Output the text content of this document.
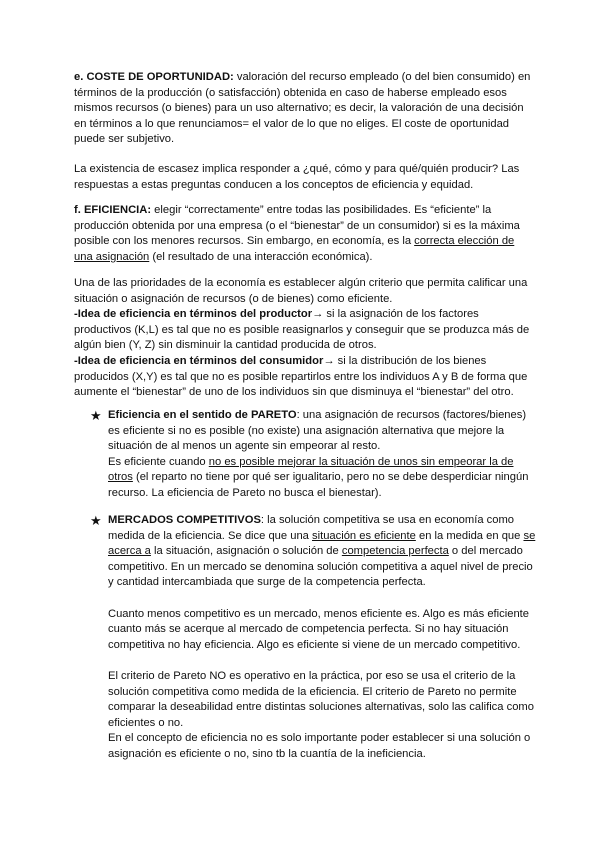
e. COSTE DE OPORTUNIDAD: valoración del recurso empleado (o del bien consumido) en términos de la producción (o satisfacción) obtenida en caso de haberse empleado esos mismos recursos (o bienes) para un uso alternativo; es decir, la valoración de una decisión en términos a lo que renunciamos= el valor de lo que no eliges. El coste de oportunidad puede ser subjetivo.

La existencia de escasez implica responder a ¿qué, cómo y para qué/quién producir? Las respuestas a estas preguntas conducen a los conceptos de eficiencia y equidad.

f. EFICIENCIA: elegir “correctamente” entre todas las posibilidades. Es “eficiente” la producción obtenida por una empresa (o el “bienestar” de un consumidor) si es la máxima posible con los menores recursos. Sin embargo, en economía, es la correcta elección de una asignación (el resultado de una interacción económica).

Una de las prioridades de la economía es establecer algún criterio que permita calificar una situación o asignación de recursos (o de bienes) como eficiente.
-Idea de eficiencia en términos del productor→ si la asignación de los factores productivos (K,L) es tal que no es posible reasignarlos y conseguir que se produzca más de algún bien (Y, Z) sin disminuir la cantidad producida de otros.
-Idea de eficiencia en términos del consumidor→ si la distribución de los bienes producidos (X,Y) es tal que no es posible repartirlos entre los individuos A y B de forma que aumente el “bienestar” de uno de los individuos sin que disminuya el “bienestar” del otro.
★ Eficiencia en el sentido de PARETO: una asignación de recursos (factores/bienes) es eficiente si no es posible (no existe) una asignación alternativa que mejore la situación de al menos un agente sin empeorar al resto.
Es eficiente cuando no es posible mejorar la situación de unos sin empeorar la de otros (el reparto no tiene por qué ser igualitario, pero no se debe desperdiciar ningún recurso. La eficiencia de Pareto no busca el bienestar).
★ MERCADOS COMPETITIVOS: la solución competitiva se usa en economía como medida de la eficiencia. Se dice que una situación es eficiente en la medida en que se acerca a la situación, asignación o solución de competencia perfecta o del mercado competitivo. En un mercado se denomina solución competitiva a aquel nivel de precio y cantidad intercambiada que surge de la competencia perfecta.
Cuanto menos competitivo es un mercado, menos eficiente es. Algo es más eficiente cuanto más se acerque al mercado de competencia perfecta. Si no hay situación competitiva no hay eficiencia. Algo es eficiente si viene de un mercado competitivo.
El criterio de Pareto NO es operativo en la práctica, por eso se usa el criterio de la solución competitiva como medida de la eficiencia. El criterio de Pareto no permite comparar la deseabilidad entre distintas soluciones alternativas, solo las califica como eficientes o no.
En el concepto de eficiencia no es solo importante poder establecer si una solución o asignación es eficiente o no, sino tb la cuantía de la ineficiencia.
